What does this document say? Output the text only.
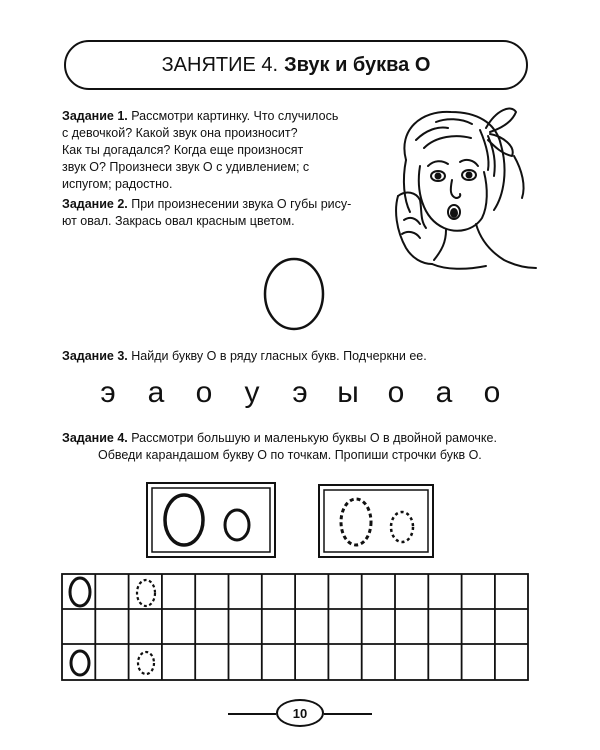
ЗАНЯТИЕ 4. Звук и буква О
Задание 1. Рассмотри картинку. Что случилось
с девочкой? Какой звук она произносит?
Как ты догадался? Когда еще произносят
звук О? Произнеси звук О с удивлением; с
испугом; радостно.
Задание 2. При произнесении звука О губы рису-
ют овал. Закрась овал красным цветом.
Задание 3. Найди букву О в ряду гласных букв. Подчеркни ее.
э	а	о	у	э ы о	а	о
Задание 4. Рассмотри большую и маленькую буквы О в двойной рамочке.
Обведи карандашом букву О по точкам. Пропиши строчки букв О.
10
